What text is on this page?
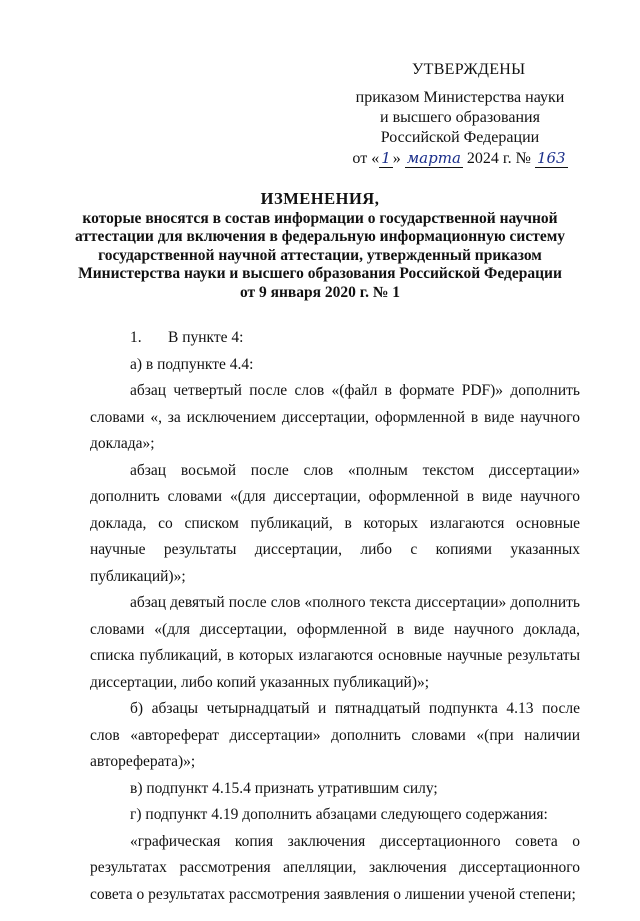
УТВЕРЖДЕНЫ
приказом Министерства науки
и высшего образования
Российской Федерации
от « 1 » марта 2024 г. № 163
ИЗМЕНЕНИЯ,
которые вносятся в состав информации о государственной научной
аттестации для включения в федеральную информационную систему
государственной научной аттестации, утвержденный приказом
Министерства науки и высшего образования Российской Федерации
от 9 января 2020 г. № 1

1. В пункте 4:

а) в подпункте 4.4:

абзац четвертый после слов «(файл в формате PDF)» дополнить словами «, за исключением диссертации, оформленной в виде научного доклада»;

абзац восьмой после слов «полным текстом диссертации» дополнить словами «(для диссертации, оформленной в виде научного доклада, со списком публикаций, в которых излагаются основные научные результаты диссертации, либо с копиями указанных публикаций)»;

абзац девятый после слов «полного текста диссертации» дополнить словами «(для диссертации, оформленной в виде научного доклада, списка публикаций, в которых излагаются основные научные результаты диссертации, либо копий указанных публикаций)»;

б) абзацы четырнадцатый и пятнадцатый подпункта 4.13 после слов «автореферат диссертации» дополнить словами «(при наличии автореферата)»;

в) подпункт 4.15.4 признать утратившим силу;

г) подпункт 4.19 дополнить абзацами следующего содержания:

«графическая копия заключения диссертационного совета о результатах рассмотрения апелляции, заключения диссертационного совета о результатах рассмотрения заявления о лишении ученой степени;
